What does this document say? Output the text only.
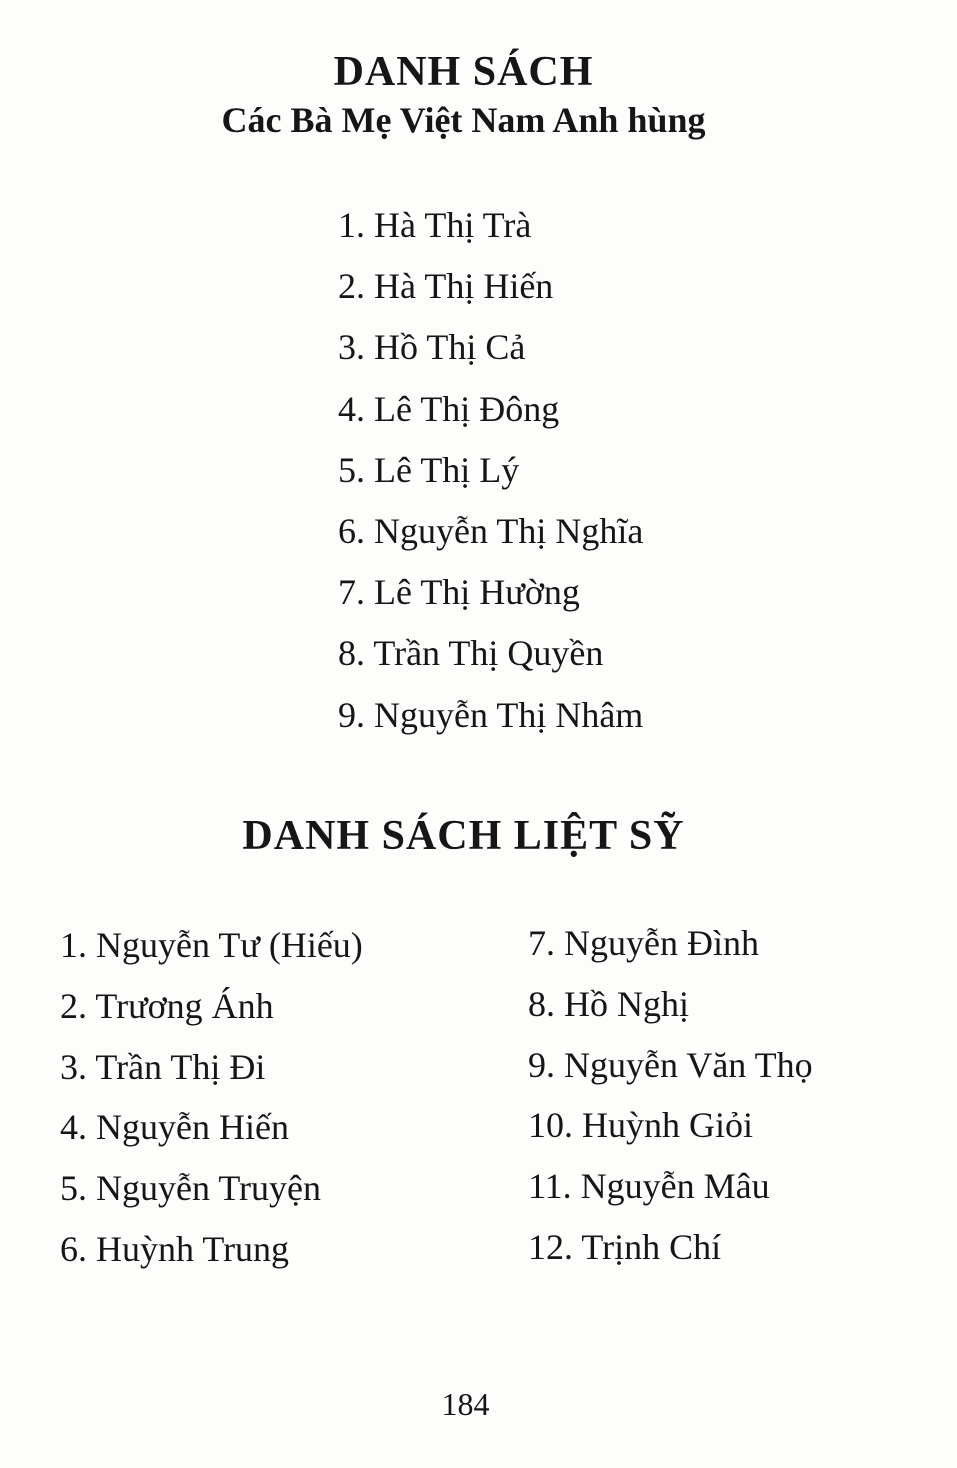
DANH SÁCH
Các Bà Mẹ Việt Nam Anh hùng
1. Hà Thị Trà
2. Hà Thị Hiến
3. Hồ Thị Cả
4. Lê Thị Đông
5. Lê Thị Lý
6. Nguyễn Thị Nghĩa
7. Lê Thị Hường
8. Trần Thị Quyền
9. Nguyễn Thị Nhâm
DANH SÁCH LIỆT SỸ
1. Nguyễn Tư (Hiếu)
2. Trương Ánh
3. Trần Thị Đi
4. Nguyễn Hiến
5. Nguyễn Truyện
6. Huỳnh Trung
7. Nguyễn Đình
8. Hồ Nghị
9. Nguyễn Văn Thọ
10. Huỳnh Giỏi
11. Nguyễn Mâu
12. Trịnh Chí

184
